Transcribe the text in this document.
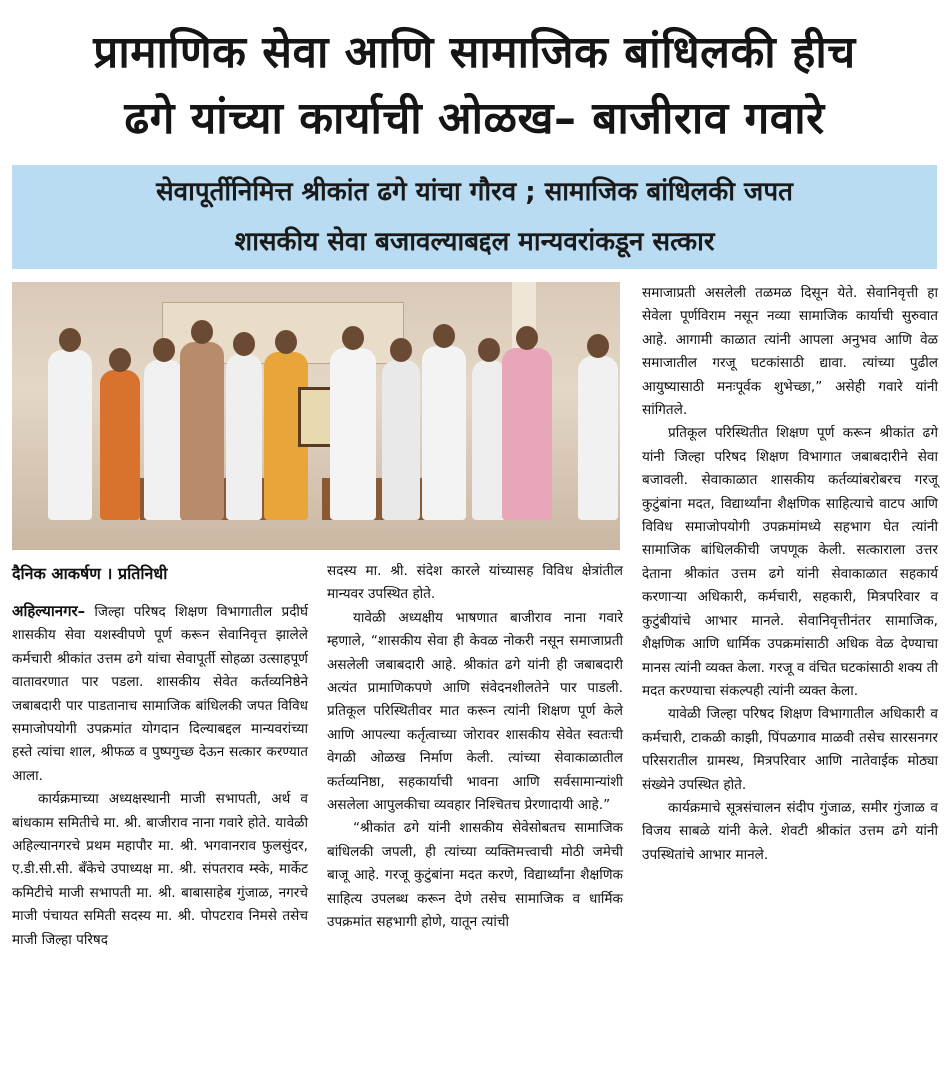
प्रामाणिक सेवा आणि सामाजिक बांधिलकी हीच
ढगे यांच्या कार्याची ओळख– बाजीराव गवारे
सेवापूर्तीनिमित्त श्रीकांत ढगे यांचा गौरव ; सामाजिक बांधिलकी जपत
शासकीय सेवा बजावल्याबद्दल मान्यवरांकडून सत्कार
दैनिक आकर्षण । प्रतिनिधी

अहिल्यानगर– जिल्हा परिषद शिक्षण विभागातील प्रदीर्घ शासकीय सेवा यशस्वीपणे पूर्ण करून सेवानिवृत्त झालेले कर्मचारी श्रीकांत उत्तम ढगे यांचा सेवापूर्ती सोहळा उत्साहपूर्ण वातावरणात पार पडला. शासकीय सेवेत कर्तव्यनिष्ठेने जबाबदारी पार पाडतानाच सामाजिक बांधिलकी जपत विविध समाजोपयोगी उपक्रमांत योगदान दिल्याबद्दल मान्यवरांच्या हस्ते त्यांचा शाल, श्रीफळ व पुष्पगुच्छ देऊन सत्कार करण्यात आला.

कार्यक्रमाच्या अध्यक्षस्थानी माजी सभापती, अर्थ व बांधकाम समितीचे मा. श्री. बाजीराव नाना गवारे होते. यावेळी अहिल्यानगरचे प्रथम महापौर मा. श्री. भगवानराव फुलसुंदर, ए.डी.सी.सी. बँकेचे उपाध्यक्ष मा. श्री. संपतराव म्स्के, मार्केट कमिटीचे माजी सभापती मा. श्री. बाबासाहेब गुंजाळ, नगरचे माजी पंचायत समिती सदस्य मा. श्री. पोपटराव निमसे तसेच माजी जिल्हा परिषद

सदस्य मा. श्री. संदेश कारले यांच्यासह विविध क्षेत्रांतील मान्यवर उपस्थित होते.

यावेळी अध्यक्षीय भाषणात बाजीराव नाना गवारे म्हणाले, “शासकीय सेवा ही केवळ नोकरी नसून समाजाप्रती असलेली जबाबदारी आहे. श्रीकांत ढगे यांनी ही जबाबदारी अत्यंत प्रामाणिकपणे आणि संवेदनशीलतेने पार पाडली. प्रतिकूल परिस्थितीवर मात करून त्यांनी शिक्षण पूर्ण केले आणि आपल्या कर्तृत्वाच्या जोरावर शासकीय सेवेत स्वतःची वेगळी ओळख निर्माण केली. त्यांच्या सेवाकाळातील कर्तव्यनिष्ठा, सहकार्याची भावना आणि सर्वसामान्यांशी असलेला आपुलकीचा व्यवहार निश्चितच प्रेरणादायी आहे.”

“श्रीकांत ढगे यांनी शासकीय सेवेसोबतच सामाजिक बांधिलकी जपली, ही त्यांच्या व्यक्तिमत्त्वाची मोठी जमेची बाजू आहे. गरजू कुटुंबांना मदत करणे, विद्यार्थ्यांना शैक्षणिक साहित्य उपलब्ध करून देणे तसेच सामाजिक व धार्मिक उपक्रमांत सहभागी होणे, यातून त्यांची

समाजाप्रती असलेली तळमळ दिसून येते. सेवानिवृत्ती हा सेवेला पूर्णविराम नसून नव्या सामाजिक कार्याची सुरुवात आहे. आगामी काळात त्यांनी आपला अनुभव आणि वेळ समाजातील गरजू घटकांसाठी द्यावा. त्यांच्या पुढील आयुष्यासाठी मनःपूर्वक शुभेच्छा,” असेही गवारे यांनी सांगितले.

प्रतिकूल परिस्थितीत शिक्षण पूर्ण करून श्रीकांत ढगे यांनी जिल्हा परिषद शिक्षण विभागात जबाबदारीने सेवा बजावली. सेवाकाळात शासकीय कर्तव्यांबरोबरच गरजू कुटुंबांना मदत, विद्यार्थ्यांना शैक्षणिक साहित्याचे वाटप आणि विविध समाजोपयोगी उपक्रमांमध्ये सहभाग घेत त्यांनी सामाजिक बांधिलकीची जपणूक केली. सत्काराला उत्तर देताना श्रीकांत उत्तम ढगे यांनी सेवाकाळात सहकार्य करणाऱ्या अधिकारी, कर्मचारी, सहकारी, मित्रपरिवार व कुटुंबीयांचे आभार मानले. सेवानिवृत्तीनंतर सामाजिक, शैक्षणिक आणि धार्मिक उपक्रमांसाठी अधिक वेळ देण्याचा मानस त्यांनी व्यक्त केला. गरजू व वंचित घटकांसाठी शक्य ती मदत करण्याचा संकल्पही त्यांनी व्यक्त केला.

यावेळी जिल्हा परिषद शिक्षण विभागातील अधिकारी व कर्मचारी, टाकळी काझी, पिंपळगाव माळवी तसेच सारसनगर परिसरातील ग्रामस्थ, मित्रपरिवार आणि नातेवाईक मोठ्या संख्येने उपस्थित होते.

कार्यक्रमाचे सूत्रसंचालन संदीप गुंजाळ, समीर गुंजाळ व विजय साबळे यांनी केले. शेवटी श्रीकांत उत्तम ढगे यांनी उपस्थितांचे आभार मानले.
